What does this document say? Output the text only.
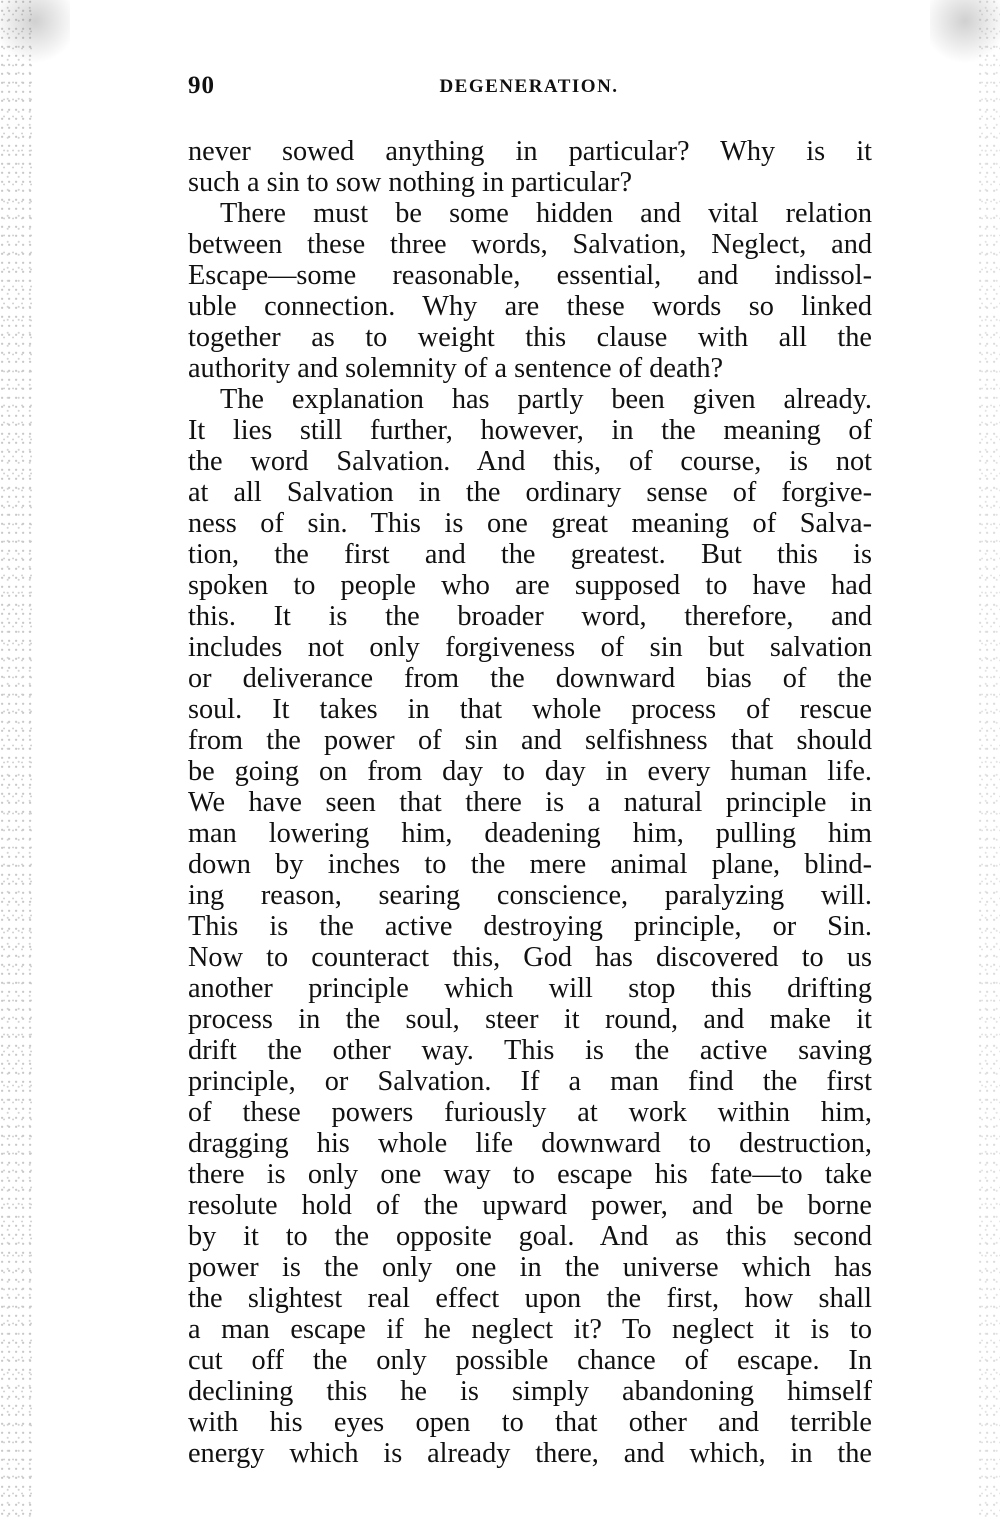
90	DEGENERATION.
never sowed anything in particular? Why is it
such a sin to sow nothing in particular?
There must be some hidden and vital relation
between these three words, Salvation, Neglect, and
Escape—some reasonable, essential, and indissol-
uble connection. Why are these words so linked
together as to weight this clause with all the
authority and solemnity of a sentence of death?
The explanation has partly been given already.
It lies still further, however, in the meaning of
the word Salvation. And this, of course, is not
at all Salvation in the ordinary sense of forgive-
ness of sin. This is one great meaning of Salva-
tion, the first and the greatest. But this is
spoken to people who are supposed to have had
this. It is the broader word, therefore, and
includes not only forgiveness of sin but salvation
or deliverance from the downward bias of the
soul. It takes in that whole process of rescue
from the power of sin and selfishness that should
be going on from day to day in every human life.
We have seen that there is a natural principle in
man lowering him, deadening him, pulling him
down by inches to the mere animal plane, blind-
ing reason, searing conscience, paralyzing will.
This is the active destroying principle, or Sin.
Now to counteract this, God has discovered to us
another principle which will stop this drifting
process in the soul, steer it round, and make it
drift the other way. This is the active saving
principle, or Salvation. If a man find the first
of these powers furiously at work within him,
dragging his whole life downward to destruction,
there is only one way to escape his fate—to take
resolute hold of the upward power, and be borne
by it to the opposite goal. And as this second
power is the only one in the universe which has
the slightest real effect upon the first, how shall
a man escape if he neglect it? To neglect it is to
cut off the only possible chance of escape. In
declining this he is simply abandoning himself
with his eyes open to that other and terrible
energy which is already there, and which, in the
